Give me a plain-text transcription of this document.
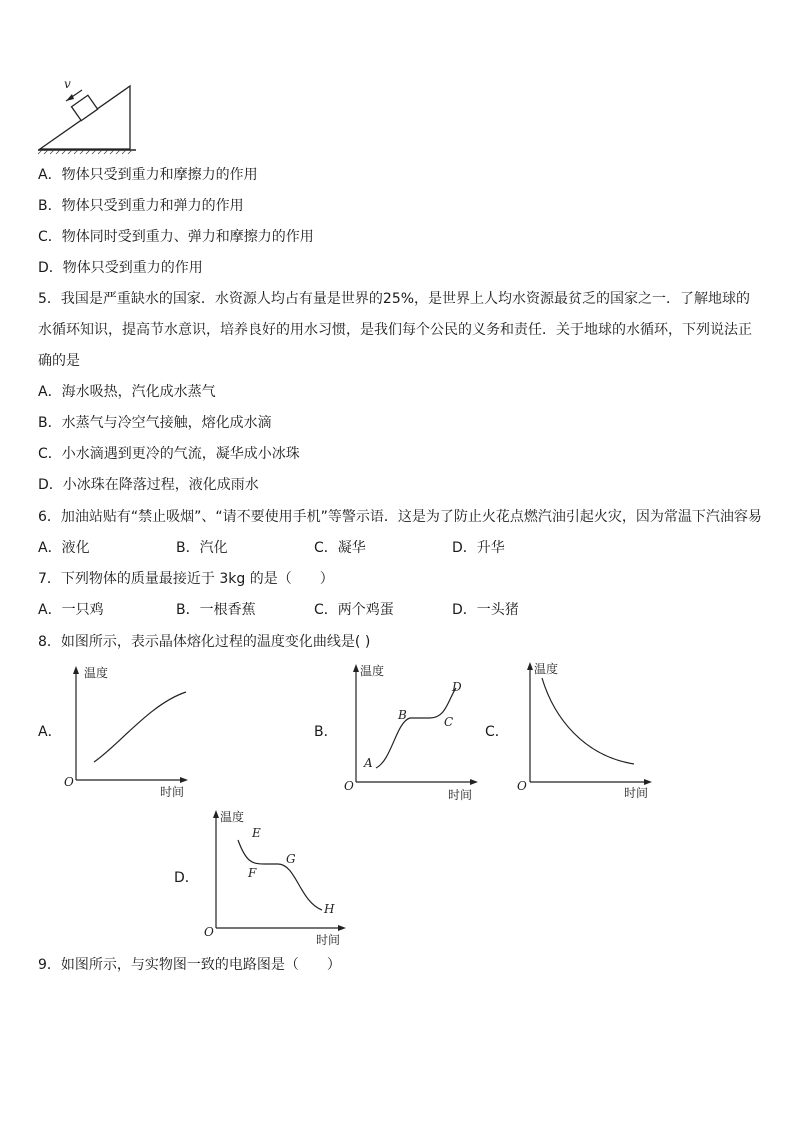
v
A．物体只受到重力和摩擦力的作用
B．物体只受到重力和弹力的作用
C．物体同时受到重力、弹力和摩擦力的作用
D．物体只受到重力的作用
5．我国是严重缺水的国家．水资源人均占有量是世界的25%，是世界上人均水资源最贫乏的国家之一．了解地球的水循环知识，提高节水意识，培养良好的用水习惯，是我们每个公民的义务和责任．关于地球的水循环，下列说法正确的是
A．海水吸热，汽化成水蒸气
B．水蒸气与冷空气接触，熔化成水滴
C．小水滴遇到更冷的气流，凝华成小冰珠
D．小冰珠在降落过程，液化成雨水
6．加油站贴有“禁止吸烟”、“请不要使用手机”等警示语．这是为了防止火花点燃汽油引起火灾，因为常温下汽油容易
A．液化	B．汽化	C．凝华	D．升华
7．下列物体的质量最接近于 3kg 的是（　　）
A．一只鸡	B．一根香蕉	C．两个鸡蛋	D．一头猪
8．如图所示，表示晶体熔化过程的温度变化曲线是( )
A．
O
时间
B．
温度
O
时间
A
B	C
D
C．
温度
O	时间
D．
温度
O
时间
E
F
G
H
温度
9．如图所示，与实物图一致的电路图是（　　）
